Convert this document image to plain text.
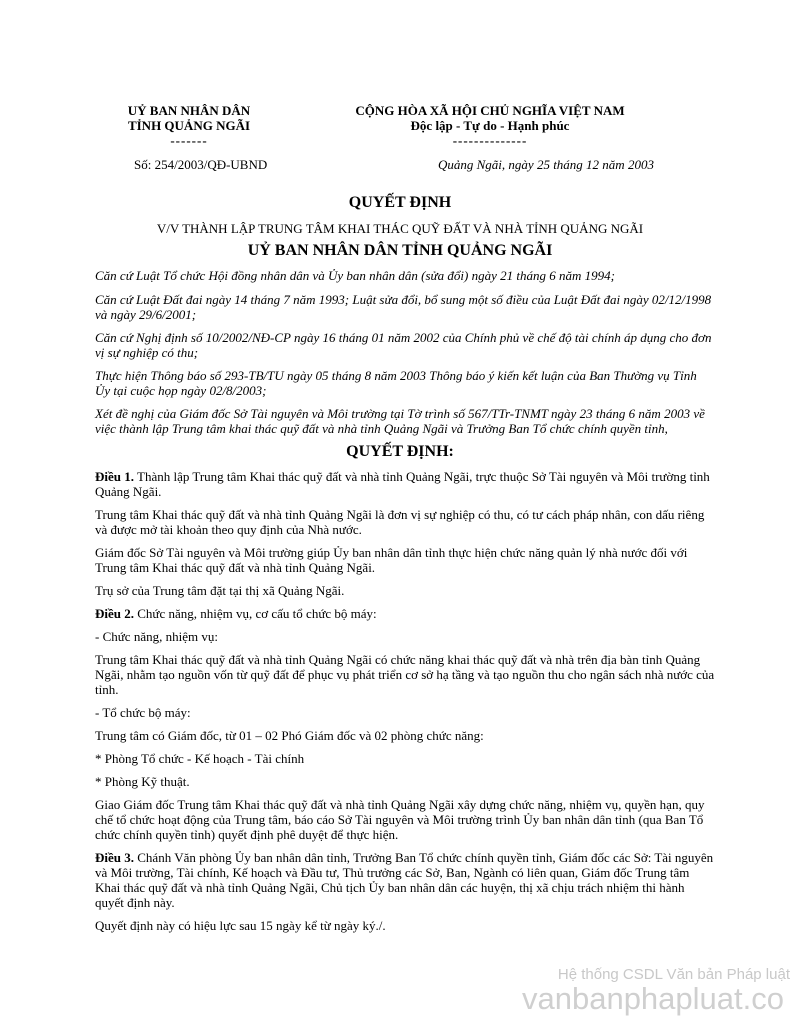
UỶ BAN NHÂN DÂN
TỈNH QUẢNG NGÃI
-------
CỘNG HÒA XÃ HỘI CHỦ NGHĨA VIỆT NAM
Độc lập - Tự do - Hạnh phúc
--------------
Số: 254/2003/QĐ-UBND	Quảng Ngãi, ngày 25 tháng 12 năm 2003
QUYẾT ĐỊNH
V/V THÀNH LẬP TRUNG TÂM KHAI THÁC QUỸ ĐẤT VÀ NHÀ TỈNH QUẢNG NGÃI
UỶ BAN NHÂN DÂN TỈNH QUẢNG NGÃI

Căn cứ Luật Tổ chức Hội đồng nhân dân và Ủy ban nhân dân (sửa đổi) ngày 21 tháng 6 năm 1994;

Căn cứ Luật Đất đai ngày 14 tháng 7 năm 1993; Luật sửa đổi, bổ sung một số điều của Luật Đất đai ngày 02/12/1998 và ngày 29/6/2001;

Căn cứ Nghị định số 10/2002/NĐ-CP ngày 16 tháng 01 năm 2002 của Chính phủ về chế độ tài chính áp dụng cho đơn vị sự nghiệp có thu;

Thực hiện Thông báo số 293-TB/TU ngày 05 tháng 8 năm 2003 Thông báo ý kiến kết luận của Ban Thường vụ Tỉnh Ủy tại cuộc họp ngày 02/8/2003;

Xét đề nghị của Giám đốc Sở Tài nguyên và Môi trường tại Tờ trình số 567/TTr-TNMT ngày 23 tháng 6 năm 2003 về việc thành lập Trung tâm khai thác quỹ đất và nhà tỉnh Quảng Ngãi và Trưởng Ban Tổ chức chính quyền tỉnh,

QUYẾT ĐỊNH:

Điều 1. Thành lập Trung tâm Khai thác quỹ đất và nhà tỉnh Quảng Ngãi, trực thuộc Sở Tài nguyên và Môi trường tỉnh Quảng Ngãi.

Trung tâm Khai thác quỹ đất và nhà tỉnh Quảng Ngãi là đơn vị sự nghiệp có thu, có tư cách pháp nhân, con dấu riêng và được mở tài khoản theo quy định của Nhà nước.

Giám đốc Sở Tài nguyên và Môi trường giúp Ủy ban nhân dân tỉnh thực hiện chức năng quản lý nhà nước đối với Trung tâm Khai thác quỹ đất và nhà tỉnh Quảng Ngãi.

Trụ sở của Trung tâm đặt tại thị xã Quảng Ngãi.

Điều 2. Chức năng, nhiệm vụ, cơ cấu tổ chức bộ máy:

- Chức năng, nhiệm vụ:

Trung tâm Khai thác quỹ đất và nhà tỉnh Quảng Ngãi có chức năng khai thác quỹ đất và nhà trên địa bàn tỉnh Quảng Ngãi, nhằm tạo nguồn vốn từ quỹ đất để phục vụ phát triển cơ sở hạ tầng và tạo nguồn thu cho ngân sách nhà nước của tỉnh.

- Tổ chức bộ máy:

Trung tâm có Giám đốc, từ 01 – 02 Phó Giám đốc và 02 phòng chức năng:

* Phòng Tổ chức - Kế hoạch - Tài chính

* Phòng Kỹ thuật.

Giao Giám đốc Trung tâm Khai thác quỹ đất và nhà tỉnh Quảng Ngãi xây dựng chức năng, nhiệm vụ, quyền hạn, quy chế tổ chức hoạt động của Trung tâm, báo cáo Sở Tài nguyên và Môi trường trình Ủy ban nhân dân tỉnh (qua Ban Tổ chức chính quyền tỉnh) quyết định phê duyệt để thực hiện.

Điều 3. Chánh Văn phòng Ủy ban nhân dân tỉnh, Trưởng Ban Tổ chức chính quyền tỉnh, Giám đốc các Sở: Tài nguyên và Môi trường, Tài chính, Kế hoạch và Đầu tư, Thủ trưởng các Sở, Ban, Ngành có liên quan, Giám đốc Trung tâm Khai thác quỹ đất và nhà tỉnh Quảng Ngãi, Chủ tịch Ủy ban nhân dân các huyện, thị xã chịu trách nhiệm thi hành quyết định này.

Quyết định này có hiệu lực sau 15 ngày kể từ ngày ký./.

Hệ thống CSDL Văn bản Pháp luật
vanbanphapluat.co
